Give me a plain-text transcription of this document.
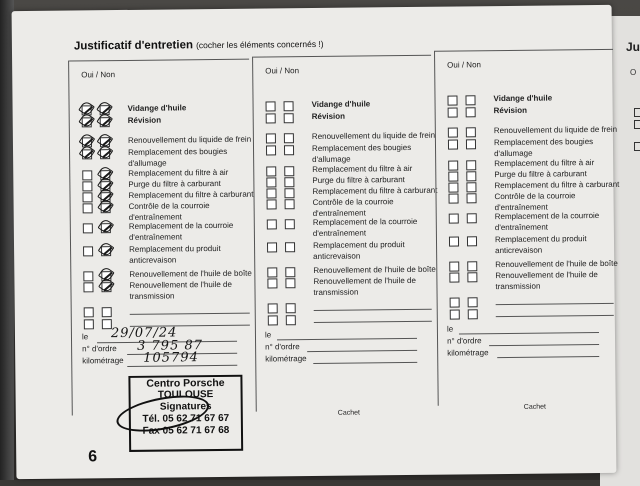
Ju
O
Justificatif d'entretien (cocher les éléments concernés !)
Oui / Non
Vidange d'huile
Révision
Renouvellement du liquide de frein
Remplacement des bougies d'allumage
Remplacement du filtre à air
Purge du filtre à carburant
Remplacement du filtre à carburant
Contrôle de la courroie d'entraînement
Remplacement de la courroie d'entraînement
Remplacement du produit anticrevaison
Renouvellement de l'huile de boîte
Renouvellement de l'huile de transmission
Oui / Non
Vidange d'huile
Révision
Renouvellement du liquide de frein
Remplacement des bougies d'allumage
Remplacement du filtre à air
Purge du filtre à carburant
Remplacement du filtre à carburant
Contrôle de la courroie d'entraînement
Remplacement de la courroie d'entraînement
Remplacement du produit anticrevaison
Renouvellement de l'huile de boîte
Renouvellement de l'huile de transmission
Oui / Non
Vidange d'huile
Révision
Renouvellement du liquide de frein
Remplacement des bougies d'allumage
Remplacement du filtre à air
Purge du filtre à carburant
Remplacement du filtre à carburant
Contrôle de la courroie d'entraînement
Remplacement de la courroie d'entraînement
Remplacement du produit anticrevaison
Renouvellement de l'huile de boîte
Renouvellement de l'huile de transmission
le
n° d'ordre
kilométrage
29/07/24
3 795 87
105794
le
n° d'ordre
kilométrage
le
n° d'ordre
kilométrage
Cachet
Cachet
Centro Porsche
TOULOUSE
Signatures
Tél. 05 62 71 67 67
Fax 05 62 71 67 68
6
